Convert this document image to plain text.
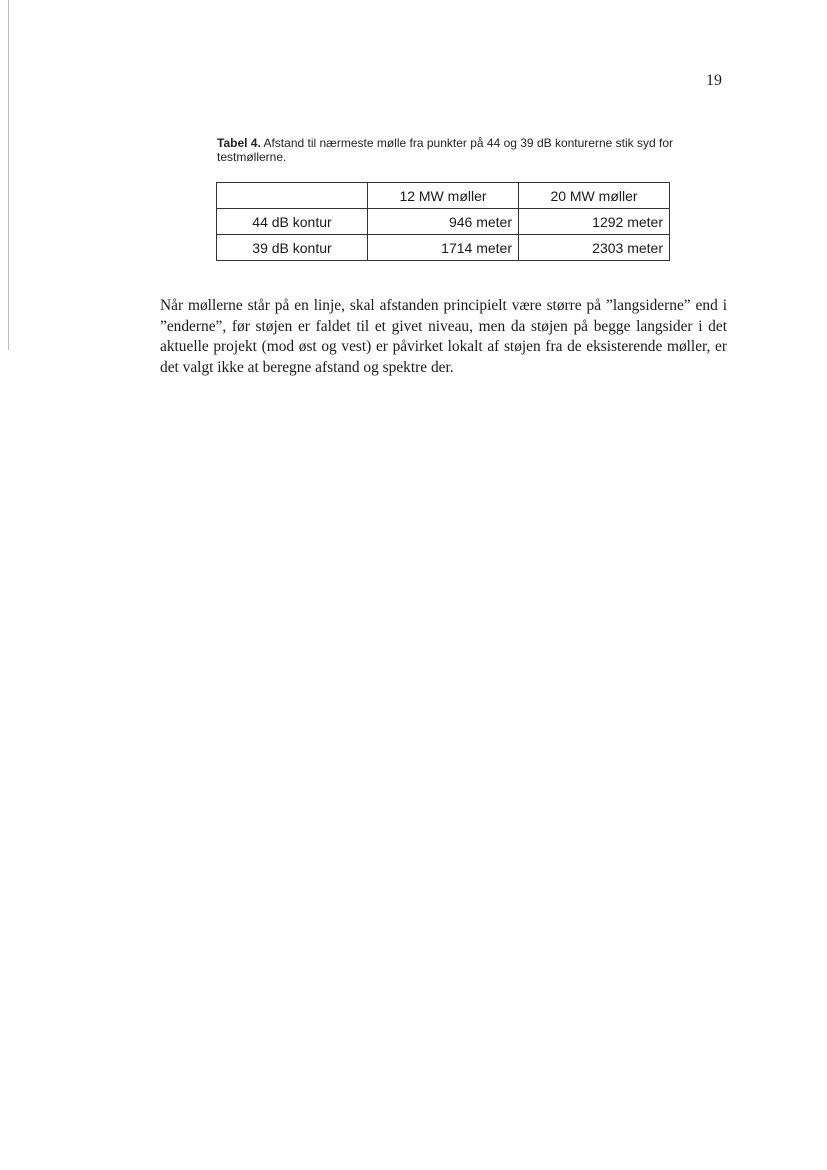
19
Tabel 4. Afstand til nærmeste mølle fra punkter på 44 og 39 dB konturerne stik syd for testmøllerne.
	12 MW møller	20 MW møller
44 dB kontur	946 meter	1292 meter
39 dB kontur	1714 meter	2303 meter
Når møllerne står på en linje, skal afstanden principielt være større på ”langsiderne” end i ”enderne”, før støjen er faldet til et givet niveau, men da støjen på begge langsider i det aktuelle projekt (mod øst og vest) er påvirket lokalt af støjen fra de eksisterende møller, er det valgt ikke at beregne afstand og spektre der.
